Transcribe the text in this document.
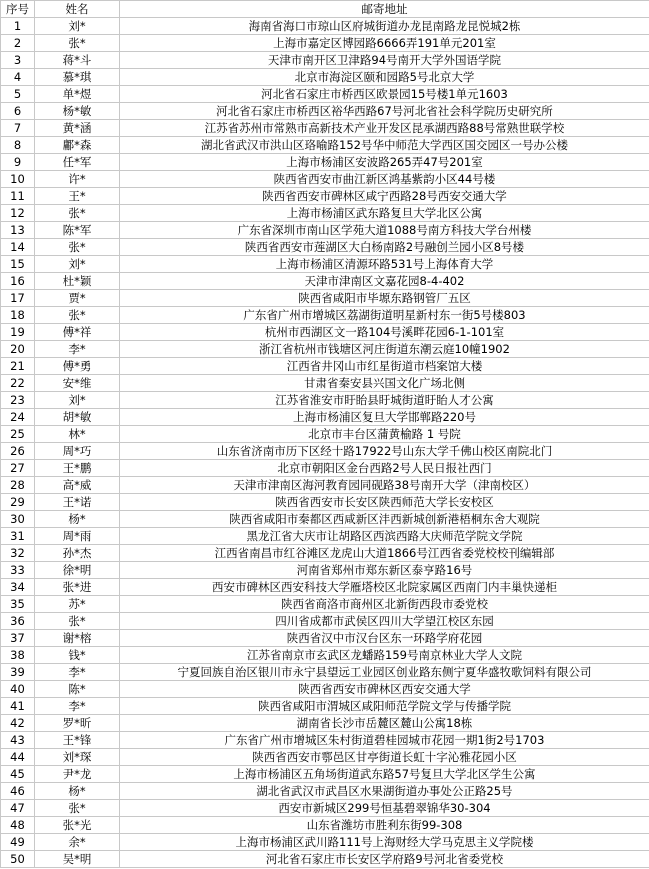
序号	姓名	邮寄地址
1	刘*	海南省海口市琼山区府城街道办龙昆南路龙昆悦城2栋
2	张*	上海市嘉定区博园路6666弄191单元201室
3	蒋*斗	天津市南开区卫津路94号南开大学外国语学院
4	慕*琪	北京市海淀区颐和园路5号北京大学
5	单*煜	河北省石家庄市桥西区欧景园15号楼1单元1603
6	杨*敏	河北省石家庄市桥西区裕华西路67号河北省社会科学院历史研究所
7	黄*涵	江苏省苏州市常熟市高新技术产业开发区昆承湖西路88号常熟世联学校
8	鄘*森	湖北省武汉市洪山区珞喻路152号华中师范大学西区国交园区一号办公楼
9	任*军	上海市杨浦区安波路265弄47号201室
10	许*	陕西省西安市曲江新区鸿基紫韵小区44号楼
11	王*	陕西省西安市碑林区咸宁西路28号西安交通大学
12	张*	上海市杨浦区武东路复旦大学北区公寓
13	陈*军	广东省深圳市南山区学苑大道1088号南方科技大学台州楼
14	张*	陕西省西安市莲湖区大白杨南路2号融创兰园小区8号楼
15	刘*	上海市杨浦区清源环路531号上海体育大学
16	杜*颖	天津市津南区文嘉花园8-4-402
17	贾*	陕西省咸阳市毕塬东路钢管厂五区
18	张*	广东省广州市增城区荔湖街道明星新村东一街5号楼803
19	傅*祥	杭州市西湖区文一路104号溪畔花园6-1-101室
20	李*	浙江省杭州市钱塘区河庄街道东潮云庭10幢1902
21	傅*勇	江西省井冈山市红星街道市档案馆大楼
22	安*维	甘肃省秦安县兴国文化广场北侧
23	刘*	江苏省淮安市盱眙县盱城街道盱眙人才公寓
24	胡*敏	上海市杨浦区复旦大学邯郸路220号
25	林*	北京市丰台区蒲黄榆路 1 号院
26	周*巧	山东省济南市历下区经十路17922号山东大学千佛山校区南院北门
27	王*鹏	北京市朝阳区金台西路2号人民日报社西门
28	高*威	天津市津南区海河教育园同砚路38号南开大学（津南校区）
29	王*诺	陕西省西安市长安区陕西师范大学长安校区
30	杨*	陕西省咸阳市秦都区西咸新区沣西新城创新港梧桐东舍大观院
31	周*雨	黑龙江省大庆市让胡路区西滨西路大庆师范学院文学院
32	孙*杰	江西省南昌市红谷滩区龙虎山大道1866号江西省委党校校刊编辑部
33	徐*明	河南省郑州市郑东新区泰亨路16号
34	张*进	西安市碑林区西安科技大学雁塔校区北院家属区西南门内丰巢快递柜
35	苏*	陕西省商洛市商州区北新街西段市委党校
36	张*	四川省成都市武侯区四川大学望江校区东园
37	谢*榕	陕西省汉中市汉台区东一环路学府花园
38	钱*	江苏省南京市玄武区龙蟠路159号南京林业大学人文院
39	李*	宁夏回族自治区银川市永宁县望远工业园区创业路东侧宁夏华盛牧歌饲料有限公司
40	陈*	陕西省西安市碑林区西安交通大学
41	李*	陕西省咸阳市渭城区咸阳师范学院文学与传播学院
42	罗*昕	湖南省长沙市岳麓区麓山公寓18栋
43	王*锋	广东省广州市增城区朱村街道碧桂园城市花园一期1街2号1703
44	刘*琛	陕西省西安市鄠邑区甘亭街道长虹十字沁雅花园小区
45	尹*龙	上海市杨浦区五角场街道武东路57号复旦大学北区学生公寓
46	杨*	湖北省武汉市武昌区水果湖街道办事处公正路25号
47	张*	西安市新城区299号恒基碧翠锦华30-304
48	张*光	山东省潍坊市胜利东街99-308
49	余*	上海市杨浦区武川路111号上海财经大学马克思主义学院楼
50	吴*明	河北省石家庄市长安区学府路9号河北省委党校
